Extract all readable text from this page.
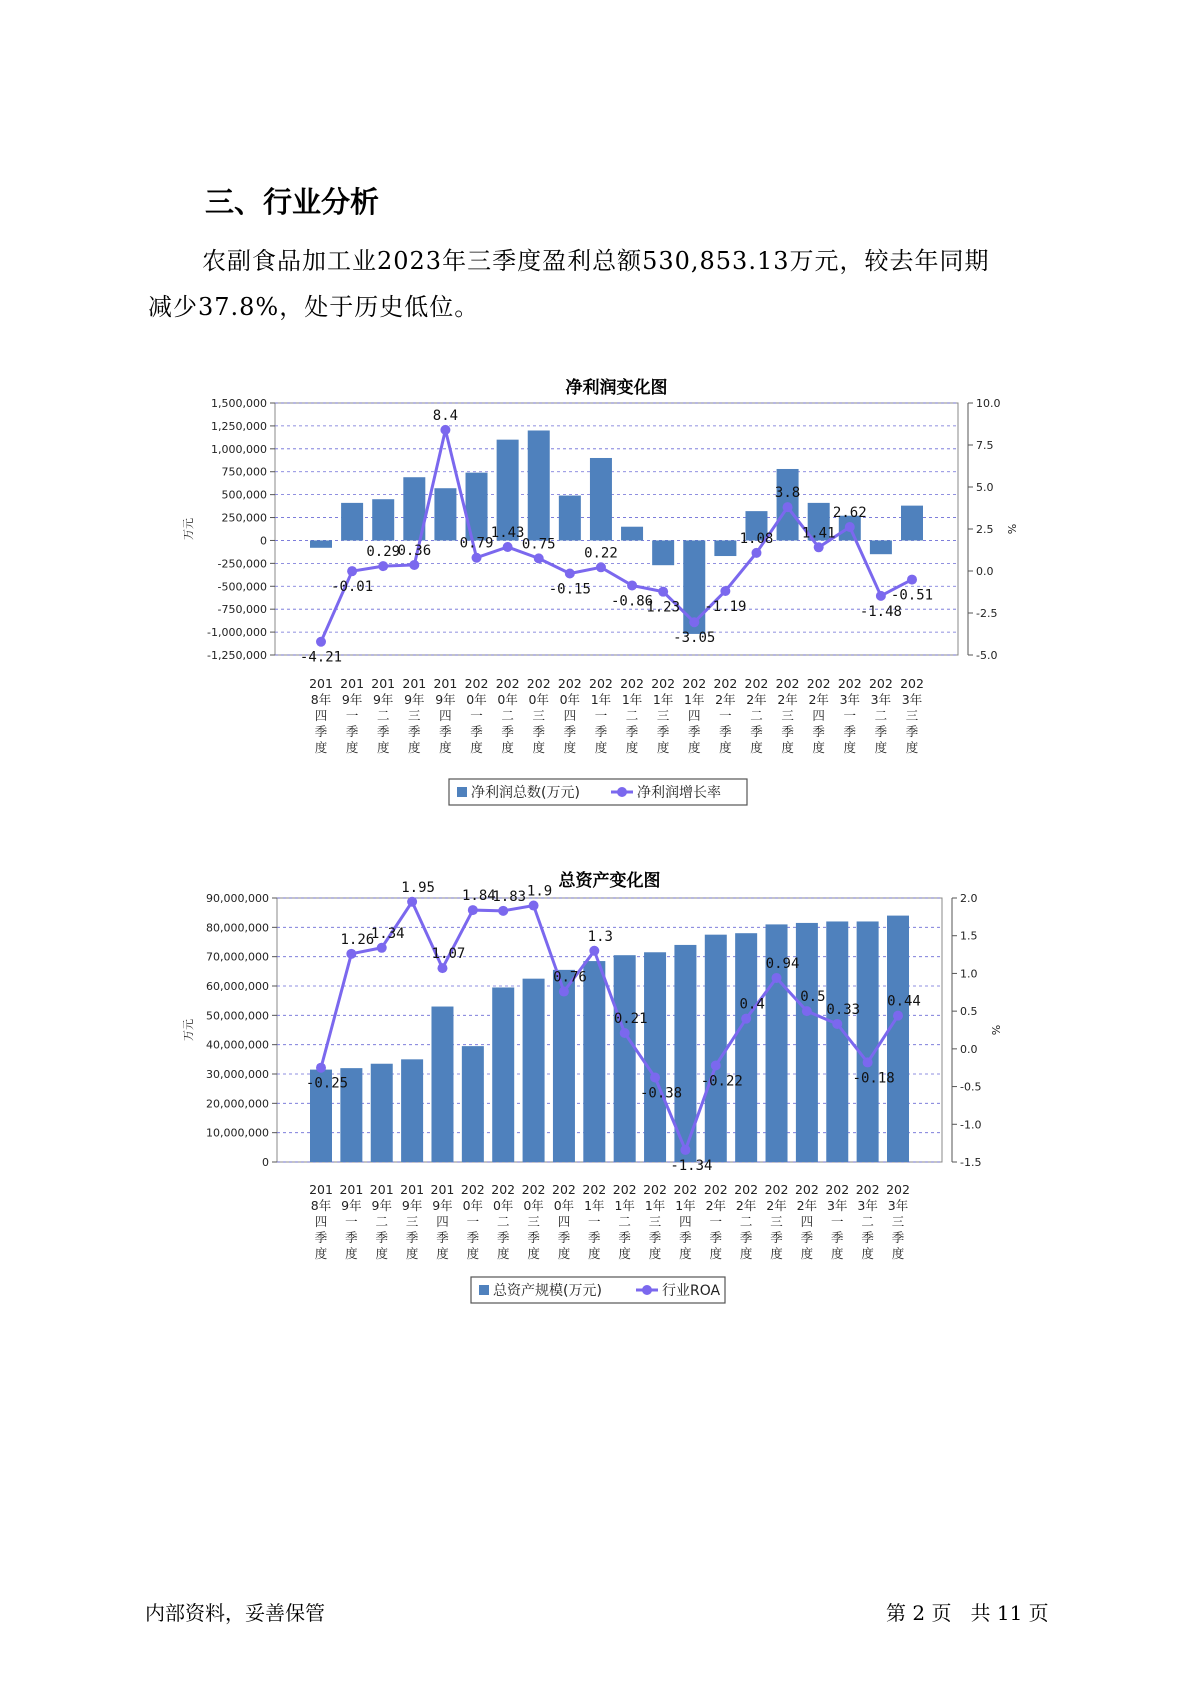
三、行业分析
农副食品加工业2023年三季度盈利总额530,853.13万元，较去年同期
减少37.8%，处于历史低位。
净利润变化图
1,500,000
1,250,000
1,000,000
750,000
500,000
250,000
0
-250,000
-500,000
-750,000
-1,000,000
-1,250,000
10.0
7.5
5.0
2.5
0.0
-2.5
-5.0
万元	%
-4.21
-0.01
0.29
0.36
8.4
0.79
1.43
0.75
-0.15
0.22
-0.86
1.23
-3.05
-1.19
1.08
3.8
1.41
2.62
-1.48
-0.51
201
8年
四
季
度
201
9年
一
季
度
201
9年
二
季
度
201
9年
三
季
度
201
9年
四
季
度
202
0年
一
季
度
202
0年
二
季
度
202
0年
三
季
度
202
0年
四
季
度
202
1年
一
季
度
202
1年
二
季
度
202
1年
三
季
度
202
1年
四
季
度
202
2年
一
季
度
202
2年
二
季
度
202
2年
三
季
度
202
2年
四
季
度
202
3年
一
季
度
202
3年
二
季
度
202
3年
三
季
度
净利润总数(万元)	净利润增长率
总资产变化图
90,000,000
80,000,000
70,000,000
60,000,000
50,000,000
40,000,000
30,000,000
20,000,000
10,000,000
0
2.0
1.5
1.0
0.5
0.0
-0.5
-1.0
-1.5
万元	%
-0.25
1.26
1.34
1.95
1.07
1.84
1.83 1.9
0.76
1.3
0.21
-0.38
-1.34
-0.22
0.4
0.94
0.5
0.33
-0.18
0.44
201
8年
四
季
度
201
9年
一
季
度
201
9年
二
季
度
201
9年
三
季
度
201
9年
四
季
度
202
0年
一
季
度
202
0年
二
季
度
202
0年
三
季
度
202
0年
四
季
度
202
1年
一
季
度
202
1年
二
季
度
202
1年
三
季
度
202
1年
四
季
度
202
2年
一
季
度
202
2年
二
季
度
202
2年
三
季
度
202
2年
四
季
度
202
3年
一
季
度
202
3年
二
季
度
202
3年
三
季
度
总资产规模(万元)	行业ROA
内部资料，妥善保管	第 2 页   共 11 页
